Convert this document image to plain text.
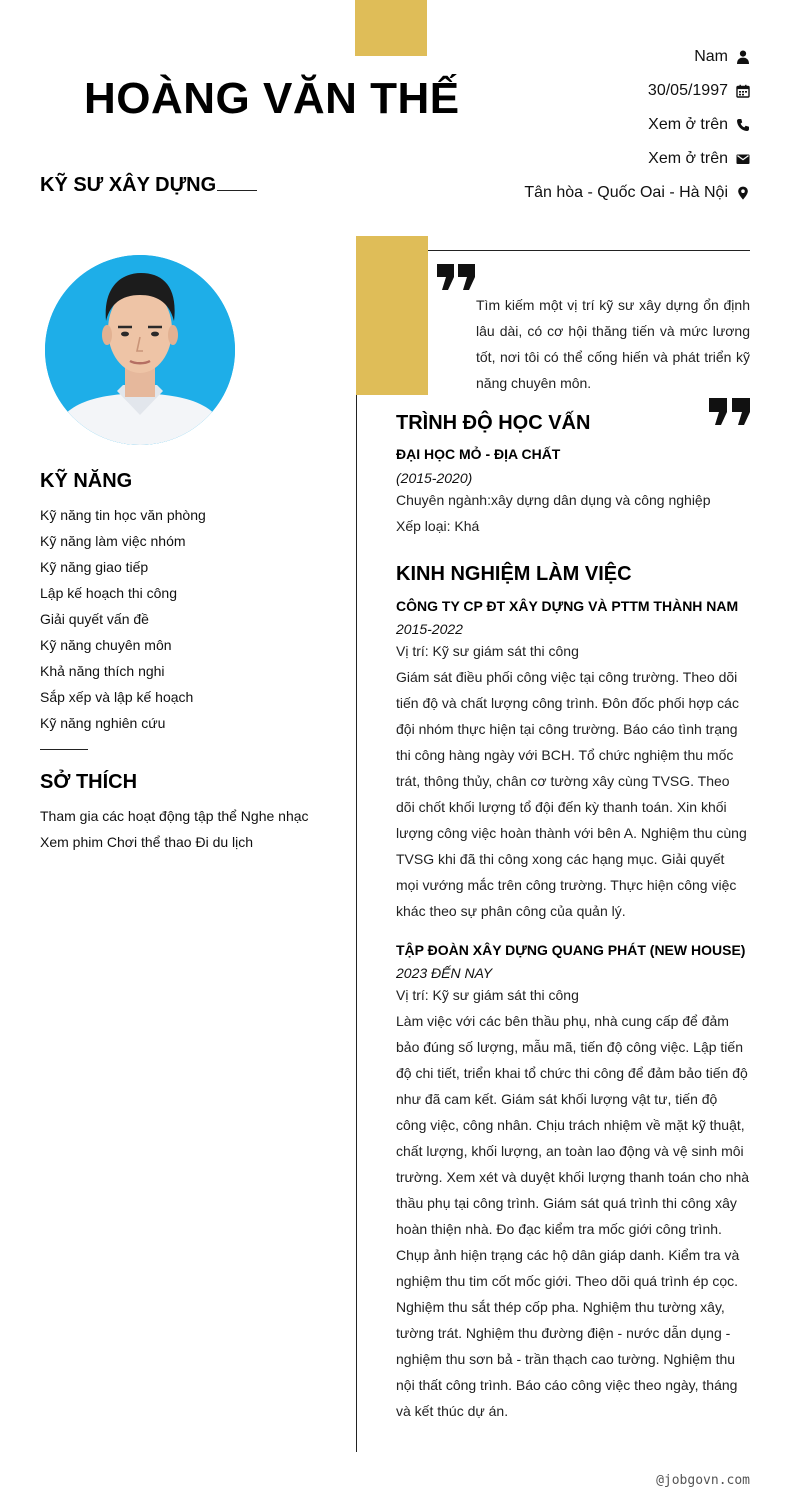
HOÀNG VĂN THẾ
KỸ SƯ XÂY DỰNG
Nam
30/05/1997
Xem ở trên
Xem ở trên
Tân hòa - Quốc Oai - Hà Nội
KỸ NĂNG
Kỹ năng tin học văn phòng
Kỹ năng làm việc nhóm
Kỹ năng giao tiếp
Lập kế hoạch thi công
Giải quyết vấn đề
Kỹ năng chuyên môn
Khả năng thích nghi
Sắp xếp và lập kế hoạch
Kỹ năng nghiên cứu
SỞ THÍCH
Tham gia các hoạt động tập thể Nghe nhạc
Xem phim Chơi thể thao Đi du lịch
Tìm kiếm một vị trí kỹ sư xây dựng ổn định lâu dài, có cơ hội thăng tiến và mức lương tốt, nơi tôi có thể cống hiến và phát triển kỹ năng chuyên môn.
TRÌNH ĐỘ HỌC VẤN
ĐẠI HỌC MỎ - ĐỊA CHẤT
(2015-2020)
Chuyên ngành:xây dựng dân dụng và công nghiệp
Xếp loại: Khá
KINH NGHIỆM LÀM VIỆC
CÔNG TY CP ĐT XÂY DỰNG VÀ PTTM THÀNH NAM
2015-2022
Vị trí: Kỹ sư giám sát thi công
Giám sát điều phối công việc tại công trường. Theo dõi tiến độ và chất lượng công trình. Đôn đốc phối hợp các đội nhóm thực hiện tại công trường. Báo cáo tình trạng thi công hàng ngày với BCH. Tổ chức nghiệm thu mốc trát, thông thủy, chân cơ tường xây cùng TVSG. Theo dõi chốt khối lượng tổ đội đến kỳ thanh toán. Xin khối lượng công việc hoàn thành với bên A. Nghiệm thu cùng TVSG khi đã thi công xong các hạng mục. Giải quyết mọi vướng mắc trên công trường. Thực hiện công việc khác theo sự phân công của quản lý.
TẬP ĐOÀN XÂY DỰNG QUANG PHÁT (NEW HOUSE)
2023 ĐẾN NAY
Vị trí: Kỹ sư giám sát thi công
Làm việc với các bên thầu phụ, nhà cung cấp để đảm bảo đúng số lượng, mẫu mã, tiến độ công việc. Lập tiến độ chi tiết, triển khai tổ chức thi công để đảm bảo tiến độ như đã cam kết. Giám sát khối lượng vật tư, tiến độ công việc, công nhân. Chịu trách nhiệm về mặt kỹ thuật, chất lượng, khối lượng, an toàn lao động và vệ sinh môi trường. Xem xét và duyệt khối lượng thanh toán cho nhà thầu phụ tại công trình. Giám sát quá trình thi công xây hoàn thiện nhà. Đo đạc kiểm tra mốc giới công trình. Chụp ảnh hiện trạng các hộ dân giáp danh. Kiểm tra và nghiệm thu tim cốt mốc giới. Theo dõi quá trình ép cọc. Nghiệm thu sắt thép cốp pha. Nghiệm thu tường xây, tường trát. Nghiệm thu đường điện - nước dẫn dụng - nghiệm thu sơn bả - trần thạch cao tường. Nghiệm thu nội thất công trình. Báo cáo công việc theo ngày, tháng và kết thúc dự án.
@jobgovn.com
